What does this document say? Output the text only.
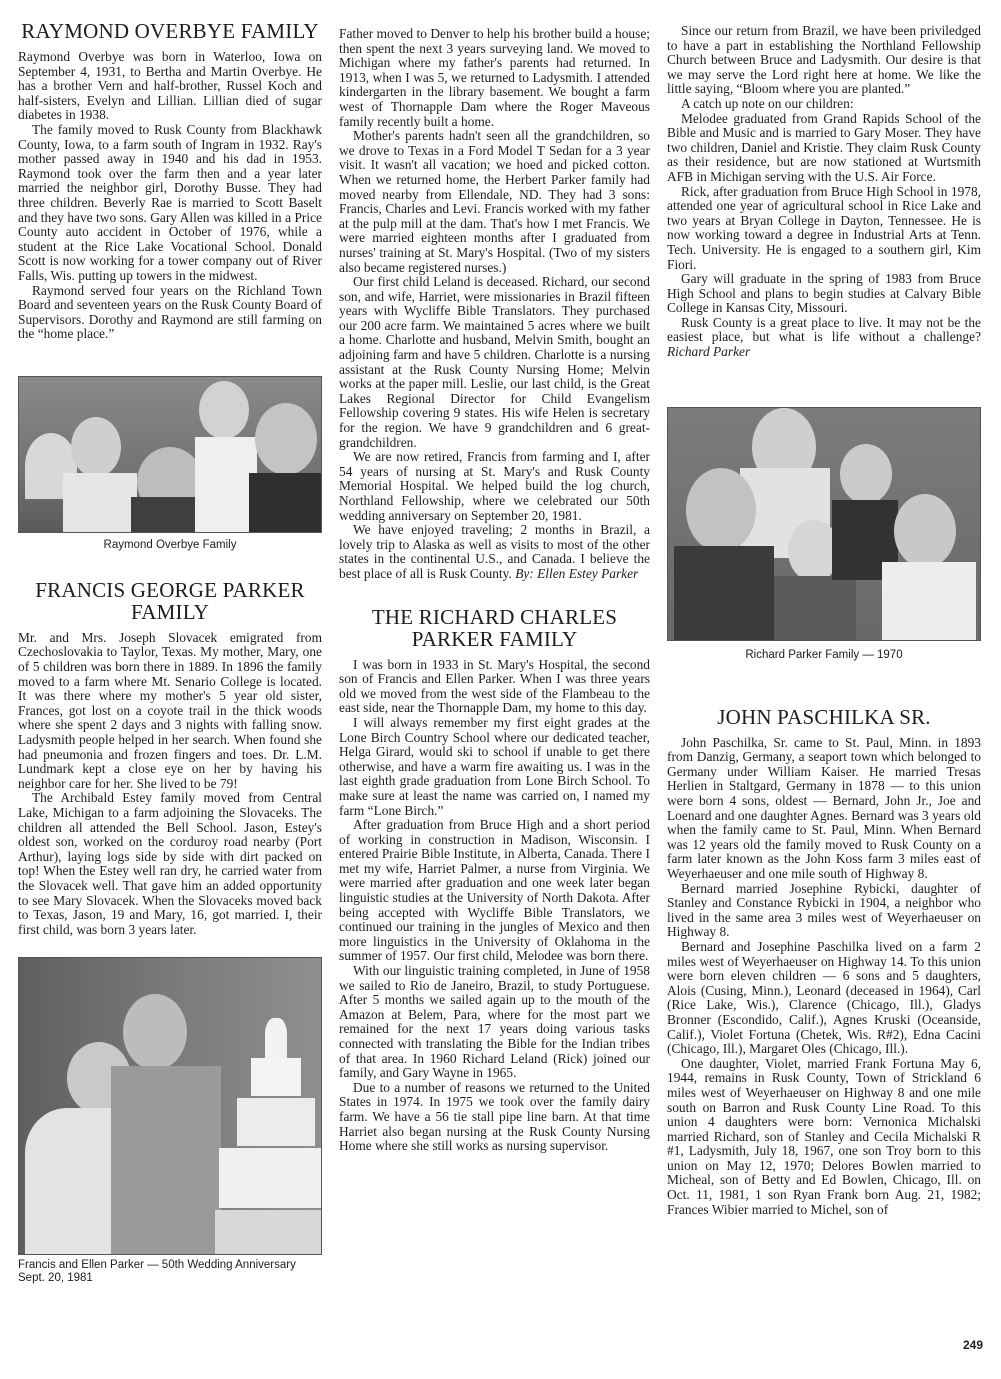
RAYMOND OVERBYE FAMILY

Raymond Overbye was born in Waterloo, Iowa on September 4, 1931, to Bertha and Martin Overbye. He has a brother Vern and half-brother, Russel Koch and half-sisters, Evelyn and Lillian. Lillian died of sugar diabetes in 1938.

The family moved to Rusk County from Blackhawk County, Iowa, to a farm south of Ingram in 1932. Ray's mother passed away in 1940 and his dad in 1953. Raymond took over the farm then and a year later married the neighbor girl, Dorothy Busse. They had three children. Beverly Rae is married to Scott Baselt and they have two sons. Gary Allen was killed in a Price County auto accident in October of 1976, while a student at the Rice Lake Vocational School. Donald Scott is now working for a tower company out of River Falls, Wis. putting up towers in the midwest.

Raymond served four years on the Richland Town Board and seventeen years on the Rusk County Board of Supervisors. Dorothy and Raymond are still farming on the “home place.”

Raymond Overbye Family
FRANCIS GEORGE PARKER FAMILY

Mr. and Mrs. Joseph Slovacek emigrated from Czechoslovakia to Taylor, Texas. My mother, Mary, one of 5 children was born there in 1889. In 1896 the family moved to a farm where Mt. Senario College is located. It was there where my mother's 5 year old sister, Frances, got lost on a coyote trail in the thick woods where she spent 2 days and 3 nights with falling snow. Ladysmith people helped in her search. When found she had pneumonia and frozen fingers and toes. Dr. L.M. Lundmark kept a close eye on her by having his neighbor care for her. She lived to be 79!

The Archibald Estey family moved from Central Lake, Michigan to a farm adjoining the Slovaceks. The children all attended the Bell School. Jason, Estey's oldest son, worked on the corduroy road nearby (Port Arthur), laying logs side by side with dirt packed on top! When the Estey well ran dry, he carried water from the Slovacek well. That gave him an added opportunity to see Mary Slovacek. When the Slovaceks moved back to Texas, Jason, 19 and Mary, 16, got married. I, their first child, was born 3 years later.

Francis and Ellen Parker — 50th Wedding Anniversary Sept. 20, 1981

Father moved to Denver to help his brother build a house; then spent the next 3 years surveying land. We moved to Michigan where my father's parents had returned. In 1913, when I was 5, we returned to Ladysmith. I attended kindergarten in the library basement. We bought a farm west of Thornapple Dam where the Roger Maveous family recently built a home.

Mother's parents hadn't seen all the grandchildren, so we drove to Texas in a Ford Model T Sedan for a 3 year visit. It wasn't all vacation; we hoed and picked cotton. When we returned home, the Herbert Parker family had moved nearby from Ellendale, ND. They had 3 sons: Francis, Charles and Levi. Francis worked with my father at the pulp mill at the dam. That's how I met Francis. We were married eighteen months after I graduated from nurses' training at St. Mary's Hospital. (Two of my sisters also became registered nurses.)

Our first child Leland is deceased. Richard, our second son, and wife, Harriet, were missionaries in Brazil fifteen years with Wycliffe Bible Translators. They purchased our 200 acre farm. We maintained 5 acres where we built a home. Charlotte and husband, Melvin Smith, bought an adjoining farm and have 5 children. Charlotte is a nursing assistant at the Rusk County Nursing Home; Melvin works at the paper mill. Leslie, our last child, is the Great Lakes Regional Director for Child Evangelism Fellowship covering 9 states. His wife Helen is secretary for the region. We have 9 grandchildren and 6 great-grandchildren.

We are now retired, Francis from farming and I, after 54 years of nursing at St. Mary's and Rusk County Memorial Hospital. We helped build the log church, Northland Fellowship, where we celebrated our 50th wedding anniversary on September 20, 1981.

We have enjoyed traveling; 2 months in Brazil, a lovely trip to Alaska as well as visits to most of the other states in the continental U.S., and Canada. I believe the best place of all is Rusk County. By: Ellen Estey Parker

THE RICHARD CHARLES PARKER FAMILY

I was born in 1933 in St. Mary's Hospital, the second son of Francis and Ellen Parker. When I was three years old we moved from the west side of the Flambeau to the east side, near the Thornapple Dam, my home to this day.

I will always remember my first eight grades at the Lone Birch Country School where our dedicated teacher, Helga Girard, would ski to school if unable to get there otherwise, and have a warm fire awaiting us. I was in the last eighth grade graduation from Lone Birch School. To make sure at least the name was carried on, I named my farm “Lone Birch.”

After graduation from Bruce High and a short period of working in construction in Madison, Wisconsin. I entered Prairie Bible Institute, in Alberta, Canada. There I met my wife, Harriet Palmer, a nurse from Virginia. We were married after graduation and one week later began linguistic studies at the University of North Dakota. After being accepted with Wycliffe Bible Translators, we continued our training in the jungles of Mexico and then more linguistics in the University of Oklahoma in the summer of 1957. Our first child, Melodee was born there.

With our linguistic training completed, in June of 1958 we sailed to Rio de Janeiro, Brazil, to study Portuguese. After 5 months we sailed again up to the mouth of the Amazon at Belem, Para, where for the most part we remained for the next 17 years doing various tasks connected with translating the Bible for the Indian tribes of that area. In 1960 Richard Leland (Rick) joined our family, and Gary Wayne in 1965.

Due to a number of reasons we returned to the United States in 1974. In 1975 we took over the family dairy farm. We have a 56 tie stall pipe line barn. At that time Harriet also began nursing at the Rusk County Nursing Home where she still works as nursing supervisor.

Since our return from Brazil, we have been priviledged to have a part in establishing the Northland Fellowship Church between Bruce and Ladysmith. Our desire is that we may serve the Lord right here at home. We like the little saying, “Bloom where you are planted.”

A catch up note on our children:

Melodee graduated from Grand Rapids School of the Bible and Music and is married to Gary Moser. They have two children, Daniel and Kristie. They claim Rusk County as their residence, but are now stationed at Wurtsmith AFB in Michigan serving with the U.S. Air Force.

Rick, after graduation from Bruce High School in 1978, attended one year of agricultural school in Rice Lake and two years at Bryan College in Dayton, Tennessee. He is now working toward a degree in Industrial Arts at Tenn. Tech. University. He is engaged to a southern girl, Kim Fiori.

Gary will graduate in the spring of 1983 from Bruce High School and plans to begin studies at Calvary Bible College in Kansas City, Missouri.

Rusk County is a great place to live. It may not be the easiest place, but what is life without a challenge? Richard Parker

Richard Parker Family — 1970
JOHN PASCHILKA SR.

John Paschilka, Sr. came to St. Paul, Minn. in 1893 from Danzig, Germany, a seaport town which belonged to Germany under William Kaiser. He married Tresas Herlien in Staltgard, Germany in 1878 — to this union were born 4 sons, oldest — Bernard, John Jr., Joe and Loenard and one daughter Agnes. Bernard was 3 years old when the family came to St. Paul, Minn. When Bernard was 12 years old the family moved to Rusk County on a farm later known as the John Koss farm 3 miles east of Weyerhaeuser and one mile south of Highway 8.

Bernard married Josephine Rybicki, daughter of Stanley and Constance Rybicki in 1904, a neighbor who lived in the same area 3 miles west of Weyerhaeuser on Highway 8.

Bernard and Josephine Paschilka lived on a farm 2 miles west of Weyerhaeuser on Highway 14. To this union were born eleven children — 6 sons and 5 daughters, Alois (Cusing, Minn.), Leonard (deceased in 1964), Carl (Rice Lake, Wis.), Clarence (Chicago, Ill.), Gladys Bronner (Escondido, Calif.), Agnes Kruski (Oceanside, Calif.), Violet Fortuna (Chetek, Wis. R#2), Edna Cacini (Chicago, Ill.), Margaret Oles (Chicago, Ill.).

One daughter, Violet, married Frank Fortuna May 6, 1944, remains in Rusk County, Town of Strickland 6 miles west of Weyerhaeuser on Highway 8 and one mile south on Barron and Rusk County Line Road. To this union 4 daughters were born: Vernonica Michalski married Richard, son of Stanley and Cecila Michalski R #1, Ladysmith, July 18, 1967, one son Troy born to this union on May 12, 1970; Delores Bowlen married to Micheal, son of Betty and Ed Bowlen, Chicago, Ill. on Oct. 11, 1981, 1 son Ryan Frank born Aug. 21, 1982; Frances Wibier married to Michel, son of

249
